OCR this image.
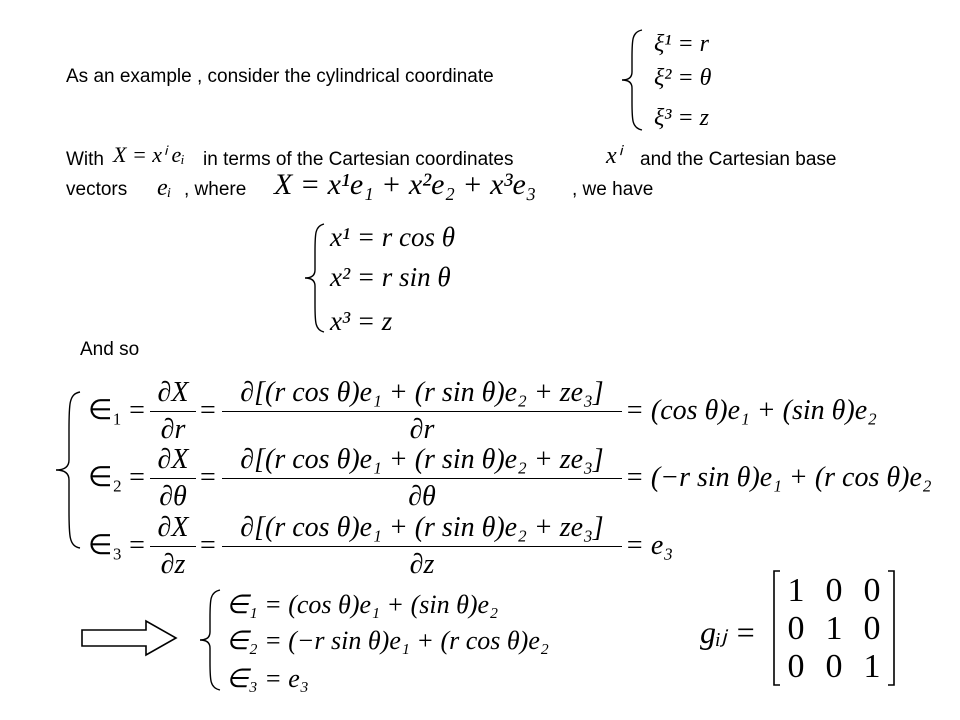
As an example , consider the cylindrical coordinate
ξ¹ = r
ξ² = θ
ξ³ = z
With X = xⁱ eᵢ in terms of the Cartesian coordinates	xⁱ and the Cartesian base
vectors eᵢ , where X = x¹e₁ + x²e₂ + x³e₃ , we have
x¹ = r cos θ
x² = r sin θ
x³ = z
And so
∈₁ =
∂X
∂r
=
∂[(r cos θ)e₁ + (r sin θ)e₂ + ze₃]
∂r
= (cos θ)e₁ + (sin θ)e₂
∈₂ =
∂X
∂θ
=
∂[(r cos θ)e₁ + (r sin θ)e₂ + ze₃]
∂θ
= (−r sin θ)e₁ + (r cos θ)e₂
∈₃ =
∂X
∂z
=
∂[(r cos θ)e₁ + (r sin θ)e₂ + ze₃]
∂z
= e₃
∈₁ = (cos θ)e₁ + (sin θ)e₂
∈₂ = (−r sin θ)e₁ + (r cos θ)e₂
∈₃ = e₃
gᵢⱼ =
1 0 0
0 1 0
0 0 1
